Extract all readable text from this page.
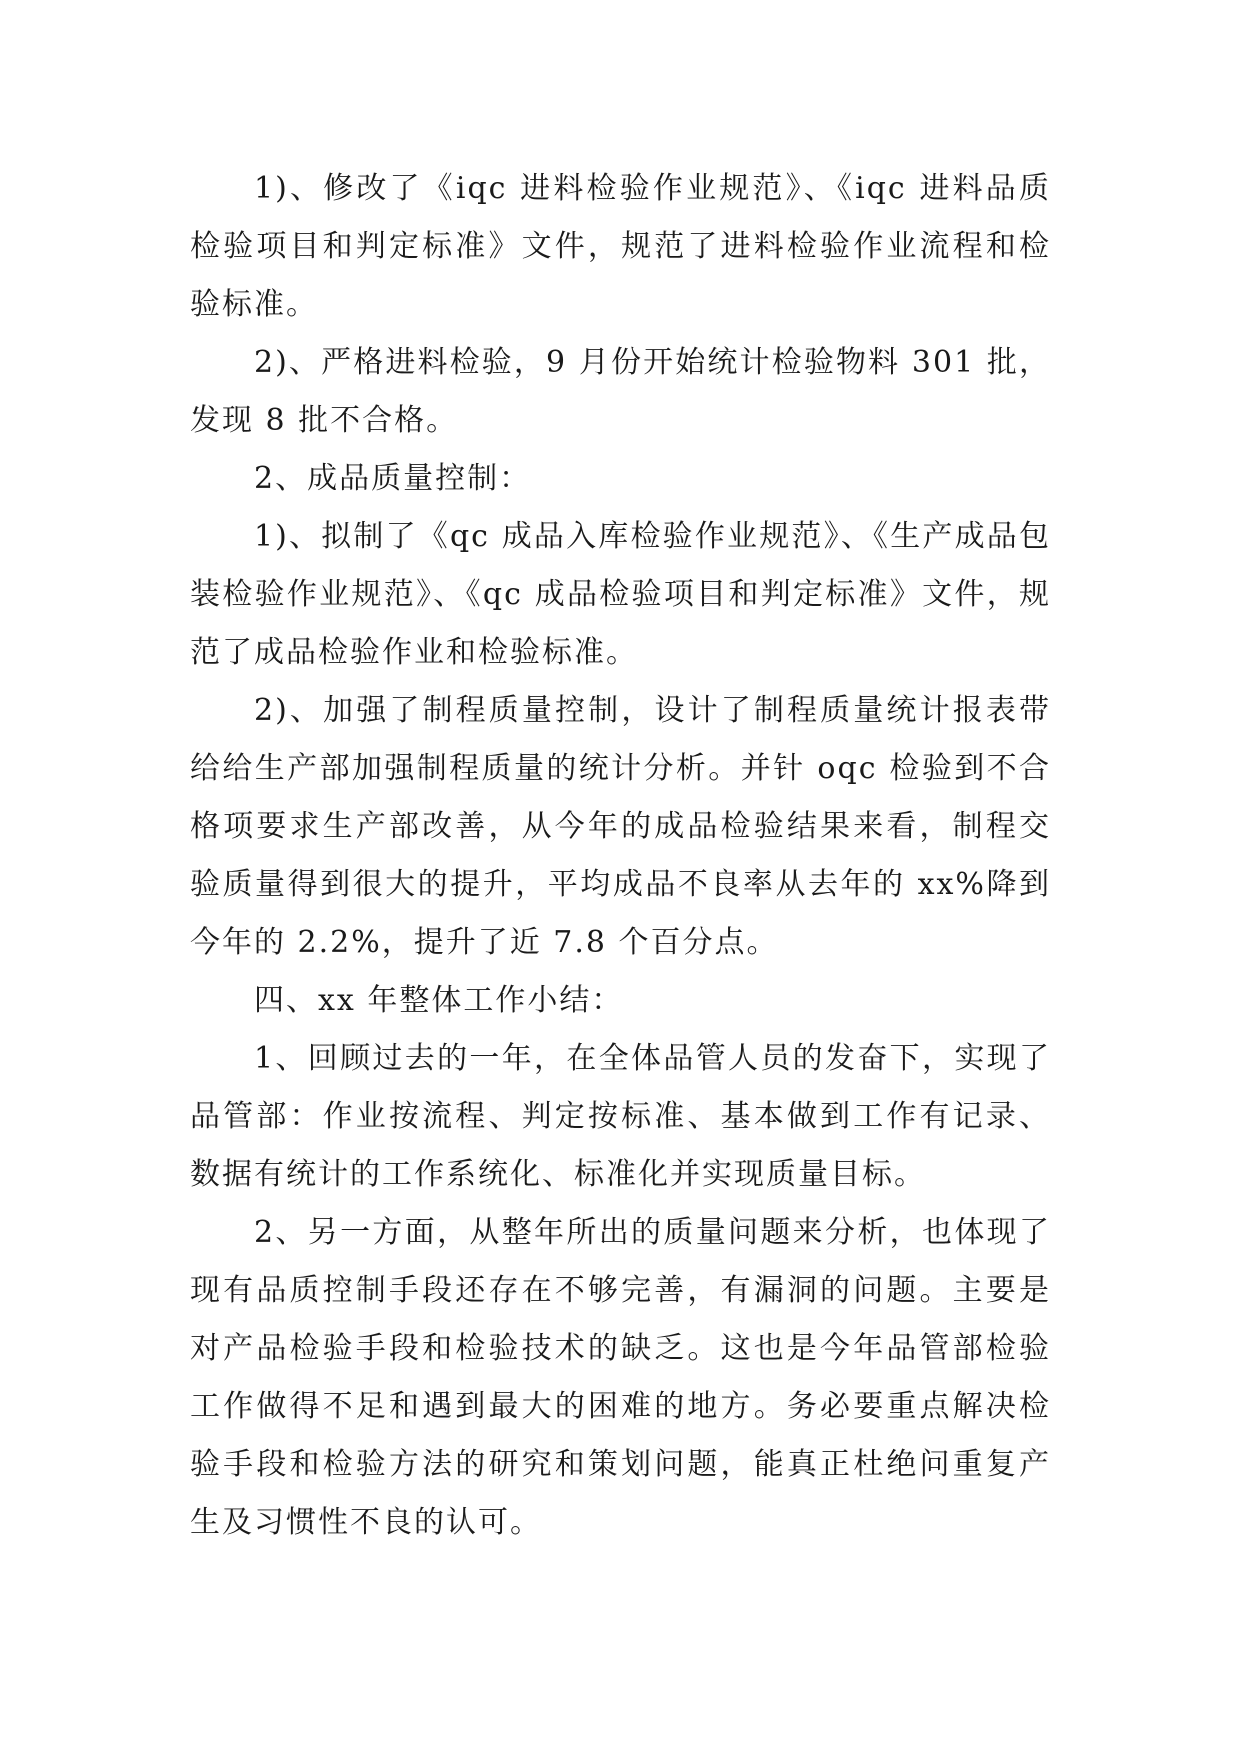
1)、修改了《iqc 进料检验作业规范》、《iqc 进料品质检验项目和判定标准》文件，规范了进料检验作业流程和检验标准。

2)、严格进料检验，9 月份开始统计检验物料 301 批，发现 8 批不合格。

2、成品质量控制：

1)、拟制了《qc 成品入库检验作业规范》、《生产成品包装检验作业规范》、《qc 成品检验项目和判定标准》文件，规范了成品检验作业和检验标准。

2)、加强了制程质量控制，设计了制程质量统计报表带给给生产部加强制程质量的统计分析。并针 oqc 检验到不合格项要求生产部改善，从今年的成品检验结果来看，制程交验质量得到很大的提升，平均成品不良率从去年的 xx%降到今年的 2.2%，提升了近 7.8 个百分点。

四、xx 年整体工作小结：

1、回顾过去的一年，在全体品管人员的发奋下，实现了品管部：作业按流程、判定按标准、基本做到工作有记录、数据有统计的工作系统化、标准化并实现质量目标。

2、另一方面，从整年所出的质量问题来分析，也体现了现有品质控制手段还存在不够完善，有漏洞的问题。主要是对产品检验手段和检验技术的缺乏。这也是今年品管部检验工作做得不足和遇到最大的困难的地方。务必要重点解决检验手段和检验方法的研究和策划问题，能真正杜绝问重复产生及习惯性不良的认可。
